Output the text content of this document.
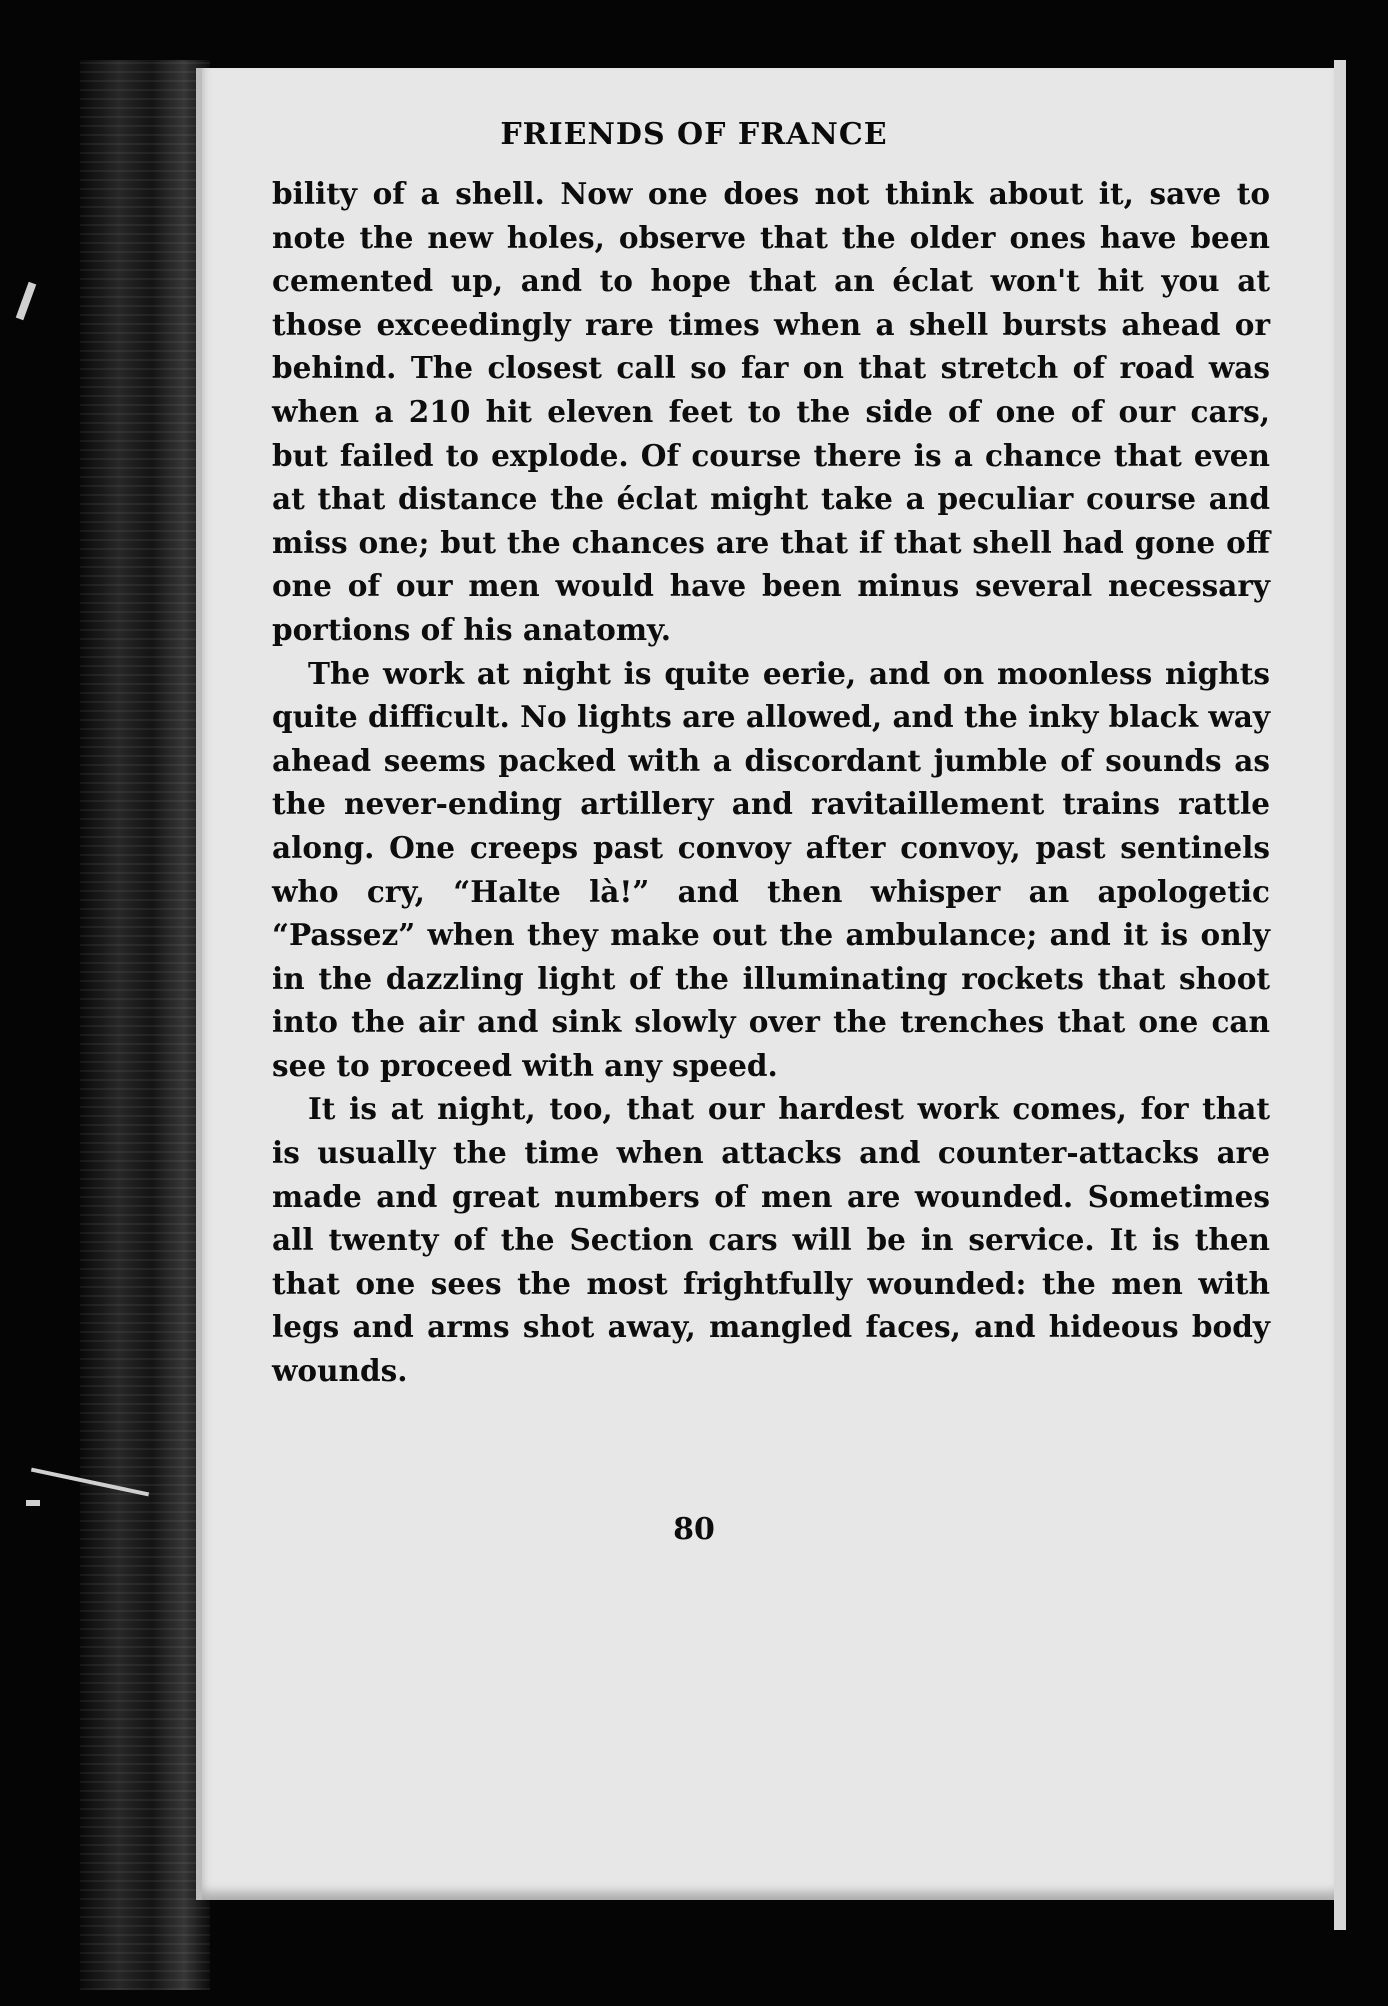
FRIENDS OF FRANCE

bility of a shell. Now one does not think about it, save to note the new holes, observe that the older ones have been cemented up, and to hope that an éclat won't hit you at those exceedingly rare times when a shell bursts ahead or behind. The closest call so far on that stretch of road was when a 210 hit eleven feet to the side of one of our cars, but failed to explode. Of course there is a chance that even at that distance the éclat might take a peculiar course and miss one; but the chances are that if that shell had gone off one of our men would have been minus several necessary portions of his anatomy.

The work at night is quite eerie, and on moonless nights quite difficult. No lights are allowed, and the inky black way ahead seems packed with a discordant jumble of sounds as the never-ending artillery and ravitaillement trains rattle along. One creeps past convoy after convoy, past sentinels who cry, “Halte là!” and then whisper an apologetic “Passez” when they make out the ambulance; and it is only in the dazzling light of the illuminating rockets that shoot into the air and sink slowly over the trenches that one can see to proceed with any speed.

It is at night, too, that our hardest work comes, for that is usually the time when attacks and counter-attacks are made and great numbers of men are wounded. Sometimes all twenty of the Section cars will be in service. It is then that one sees the most frightfully wounded: the men with legs and arms shot away, mangled faces, and hideous body wounds.

80
